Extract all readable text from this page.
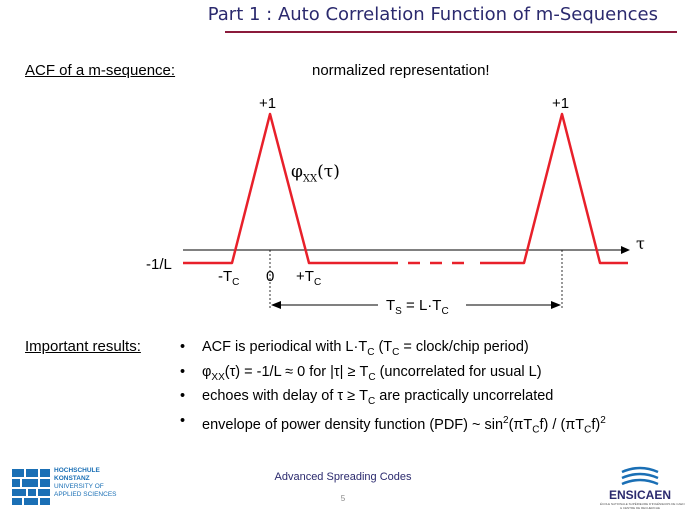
Part 1 : Auto Correlation Function of m-Sequences
ACF of a m-sequence:	normalized representation!
+1	+1
$\varphi_{XX}(\tau)$
τ
-1/L
$-T_C$ $0 +T_C$
$T_S = L\cdot T_C$
Important results:	• ACF is periodical with $L\cdot T_C$ ($T_C$ = clock/chip period)
• $\varphi_{XX}(\tau) = -1/L \approx 0$ for $|\tau| \ge T_C$ (uncorrelated for usual L)
• echoes with delay of $\tau \ge T_C$ are practically uncorrelated
• envelope of power density function (PDF) ~ $\sin^2(\pi T_Cf) / (\pi T_Cf)^2$
HOCHSCHULE
KONSTANZ
UNIVERSITY OF
APPLIED SCIENCES
Advanced Spreading Codes
5	ENSICAEN
ÉCOLE NATIONALE SUPÉRIEURE D'INGÉNIEURS DE CAEN
& CENTRE DE RECHERCHE
